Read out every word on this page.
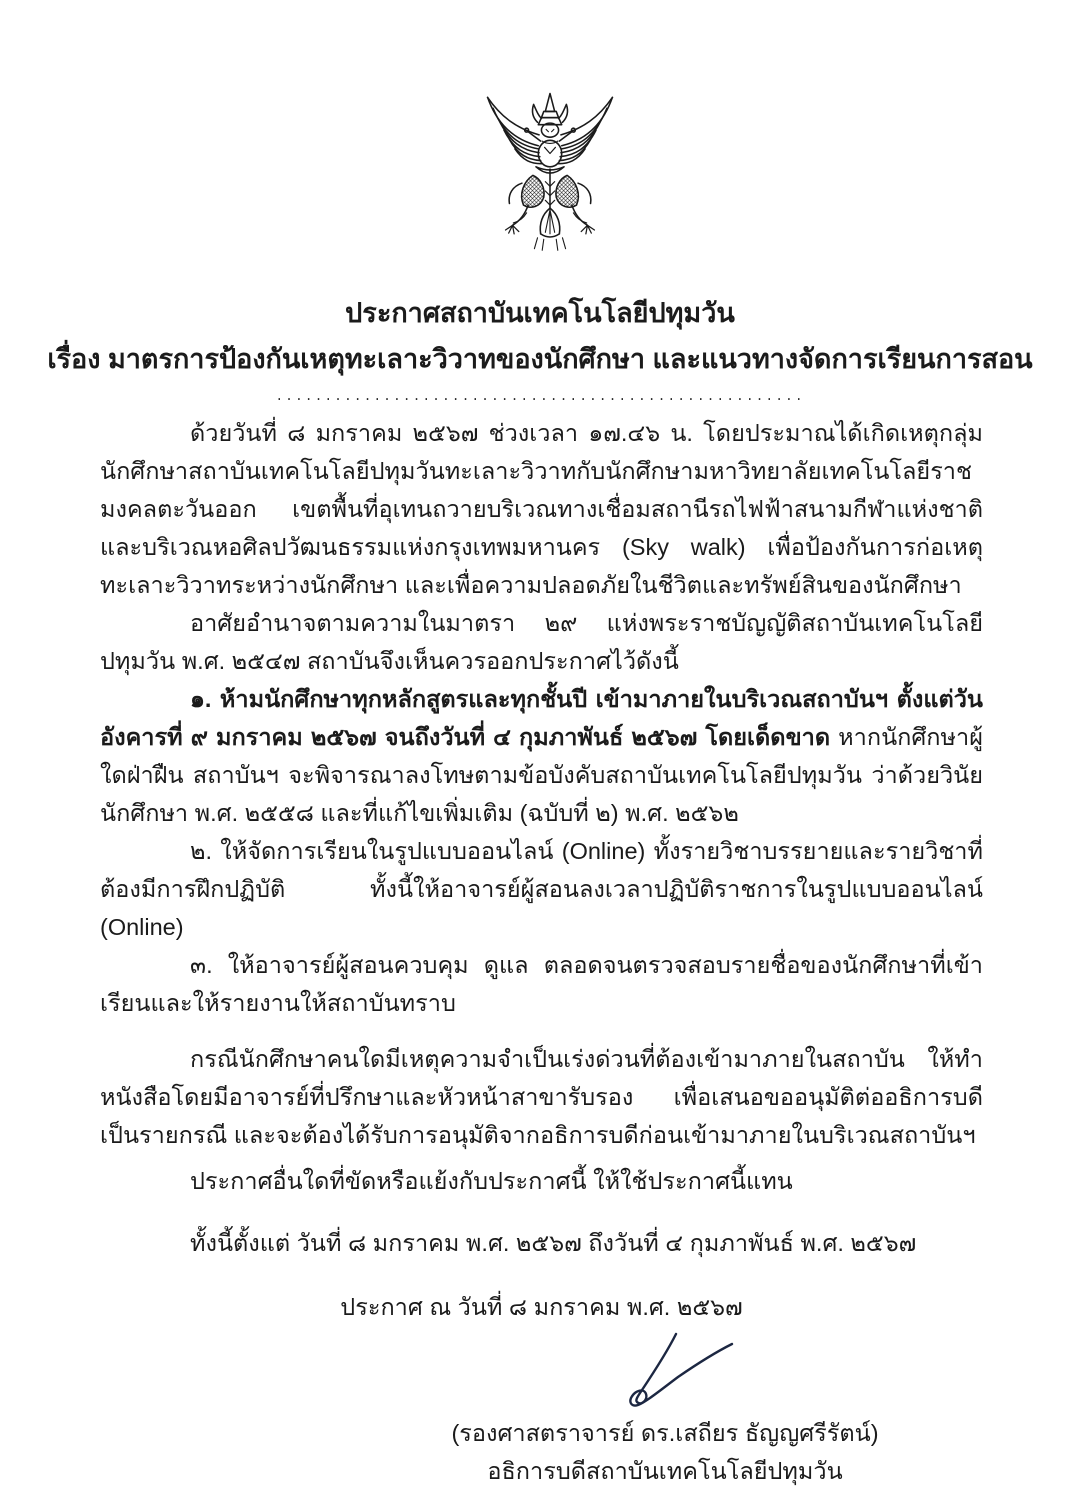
ประกาศสถาบันเทคโนโลยีปทุมวัน

เรื่อง มาตรการป้องกันเหตุทะเลาะวิวาทของนักศึกษา และแนวทางจัดการเรียนการสอน

......................................................

ด้วยวันที่ ๘ มกราคม ๒๕๖๗ ช่วงเวลา ๑๗.๔๖ น. โดยประมาณได้เกิดเหตุ​กลุ่มนักศึกษา​สถาบัน​เทคโนโลยีปทุมวัน​ทะเลาะวิวาทกับ​นักศึกษา​มหาวิทยาลัย​เทคโนโลยีราชมงคล​ตะวันออก เขตพื้นที่อุเทนถวาย​บริเวณทางเชื่อม​สถานีรถไฟฟ้า​สนามกีฬาแห่งชาติ​และบริเวณ​หอศิลปวัฒนธรรม​แห่งกรุงเทพมหานคร (Sky walk) เพื่อป้องกันการก่อเหตุ​ทะเลาะวิวาท​ระหว่างนักศึกษา และเพื่อความปลอดภัย​ในชีวิตและ​ทรัพย์สินของ​นักศึกษา

อาศัยอำนาจตามความในมาตรา ๒๙ แห่งพระราชบัญญัติ​สถาบันเทคโนโลยีปทุมวัน พ.ศ. ๒๕๔๗ สถาบันจึงเห็นควร​ออกประกาศไว้ดังนี้

๑. ห้ามนักศึกษา​ทุกหลักสูตร​และทุกชั้นปี เข้ามาภายใน​บริเวณสถาบันฯ ตั้งแต่วันอังคารที่ ๙ มกราคม ๒๕๖๗ จนถึงวันที่ ๔ กุมภาพันธ์ ๒๕๖๗ โดยเด็ดขาด หากนักศึกษาผู้ใดฝ่าฝืน สถาบันฯ จะ​พิจารณาลงโทษ​ตามข้อบังคับ​สถาบันเทคโนโลยีปทุมวัน ว่าด้วยวินัยนักศึกษา พ.ศ. ๒๕๕๘ และที่แก้ไขเพิ่มเติม (ฉบับที่ ๒) พ.ศ. ๒๕๖๒

๒. ให้จัดการเรียน​ในรูปแบบออนไลน์ (Online) ทั้งรายวิชาบรรยาย​และรายวิชา​ที่ต้องมีการ​ฝึกปฏิบัติ ทั้งนี้ให้อาจารย์ผู้สอน​ลงเวลาปฏิบัติราชการ​ในรูปแบบออนไลน์ (Online)

๓. ให้อาจารย์ผู้สอนควบคุม ดูแล ตลอดจนตรวจสอบ​รายชื่อของนักศึกษา​ที่เข้าเรียน​และให้รายงาน​ให้สถาบันทราบ

กรณีนักศึกษาคนใด​มีเหตุความจำเป็น​เร่งด่วนที่ต้อง​เข้ามาภายในสถาบัน ให้ทำหนังสือ​โดยมีอาจารย์​ที่ปรึกษา​และหัวหน้าสาขา​รับรอง เพื่อเสนอขออนุมัติ​ต่ออธิการบดี​เป็นรายกรณี และจะต้องได้รับ​การอนุมัติ​จากอธิการบดี​ก่อนเข้ามาภายใน​บริเวณสถาบันฯ

ประกาศอื่นใดที่ขัดหรือแย้ง​กับประกาศนี้ ให้ใช้ประกาศนี้แทน

ทั้งนี้ตั้งแต่ วันที่ ๘ มกราคม พ.ศ. ๒๕๖๗ ถึงวันที่ ๔ กุมภาพันธ์ พ.ศ. ๒๕๖๗

ประกาศ ณ วันที่ ๘ มกราคม พ.ศ. ๒๕๖๗

(รองศาสตราจารย์ ดร.เสถียร ธัญญศรีรัตน์)
อธิการบดีสถาบันเทคโนโลยีปทุมวัน
